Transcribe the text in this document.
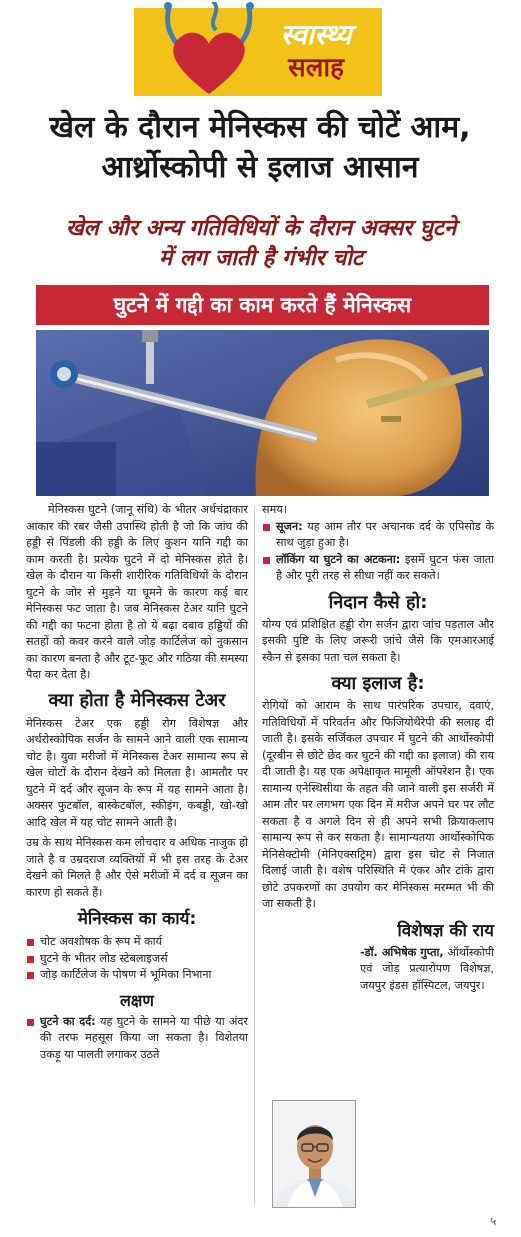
स्वास्थ्य
सलाह
खेल के दौरान मेनिस्कस की चोटें आम,
आर्थ्रोस्कोपी से इलाज आसान
खेल और अन्य गतिविधियों के दौरान अक्सर घुटने
में लग जाती है गंभीर चोट
घुटने में गद्दी का काम करते हैं मेनिस्कस

मेनिस्कस घुटने (जानू संधि) के भीतर अर्धचंद्राकार आकार की रबर जैसी उपास्थि होती है जो कि जांघ की हड्डी से पिंडली की हड्डी के लिए कुशन यानि गद्दी का काम करती है। प्रत्येक घुटने में दो मेनिस्कस होते है। खेल के दौरान या किसी शारीरिक गतिविधियों के दौरान घुटने के जोर से मुड़ने या घूमने के कारण कई बार मेनिस्कस फट जाता है। जब मेनिस्कस टेअर यानि घुटने की गद्दी का फटना होता है तो ये बढ़ा दबाव हड्डियों की सतहों को कवर करने वाले जोड़ कार्टिलेज को नुकसान का कारण बनता है और टूट-फूट और गठिया की समस्या पैदा कर देता है।

क्या होता है मेनिस्कस टेअर

मेनिस्कस टेअर एक हड्डी रोग विशेषज्ञ और अर्थरोस्कोपिक सर्जन के सामने आने वाली एक सामान्य चोट है। युवा मरीजों में मेनिस्कस टेअर सामान्य रूप से खेल चोटों के दौरान देखने को मिलता है। आमतौर पर घुटने में दर्द और सूजन के रूप में यह सामने आता है। अक्सर फुटबॉल, बास्केटबॉल, स्कीइंग, कबड्डी, खो-खो आदि खेल में यह चोट सामने आती है।

उम्र के साथ मेनिस्कस कम लोचदार व अधिक नाजुक हो जाते है व उम्रदराज व्यक्तियों में भी इस तरह के टेअर देखने को मिलते है और ऐसे मरीजों में दर्द व सूजन का कारण हो सकते हैं।

मेनिस्कस का कार्य:
चोट अवशोषक के रूप में कार्य
घुटने के भीतर लोड स्टेबलाइजर्स
जोड़ कार्टिलेज के पोषण में भूमिका निभाना
लक्षण

घुटने का दर्द: यह घुटने के सामने या पीछे या अंदर की तरफ महसूस किया जा सकता है। विशेतया उकड़ू या पालती लगाकर उठते

समय।

सूजन: यह आम तौर पर अचानक दर्द के एपिसोड के साथ जुड़ा हुआ है।

लॉकिंग या घुटने का अटकना: इसमें घुटन फंस जाता है और पूरी तरह से सीधा नहीं कर सकते।

निदान कैसे हो:

योग्य एवं प्रशिक्षित हड्डी रोग सर्जन द्वारा जांच पड़ताल और इसकी पुष्टि के लिए जरूरी जांचे जैसे कि एमआरआई स्कैन से इसका पता चल सकता है।

क्या इलाज है:

रोगियों को आराम के साथ पारंपरिक उपचार, दवाएं, गतिविधियों में परिवर्तन और फिजियोथैरेपी की सलाह दी जाती है। इसके सर्जिकल उपचार में घुटने की आर्थोस्कोपी (दूरबीन से छोटे छेद कर घुटने की गद्दी का इलाज) की राय दी जाती है। यह एक अपेक्षाकृत मामूली ऑपरेशन है। एक सामान्य एनेस्थिसीया के तहत की जाने वाली इस सर्जरी में आम तौर पर लगभग एक दिन में मरीज अपने घर पर लौट सकता है व अगले दिन से ही अपने सभी क्रियाकलाप सामान्य रूप से कर सकता है। सामान्यतया आर्थोस्कोपिक मेनिसेक्टोमी (मेनिएक्सट्रिम) द्वारा इस चोट से निजात दिलाई जाती है। वशेष परिस्थिति में एंकर और टांके द्वारा छोटे उपकरणों का उपयोग कर मेनिस्कस मरम्मत भी की जा सकती है।

विशेषज्ञ की राय

-डॉ. अभिषेक गुप्ता, ऑर्थोस्कोपी एवं जोड़ प्रत्यारोपण विशेषज्ञ, जयपुर इंडस हॉस्पिटल, जयपुर।

५
